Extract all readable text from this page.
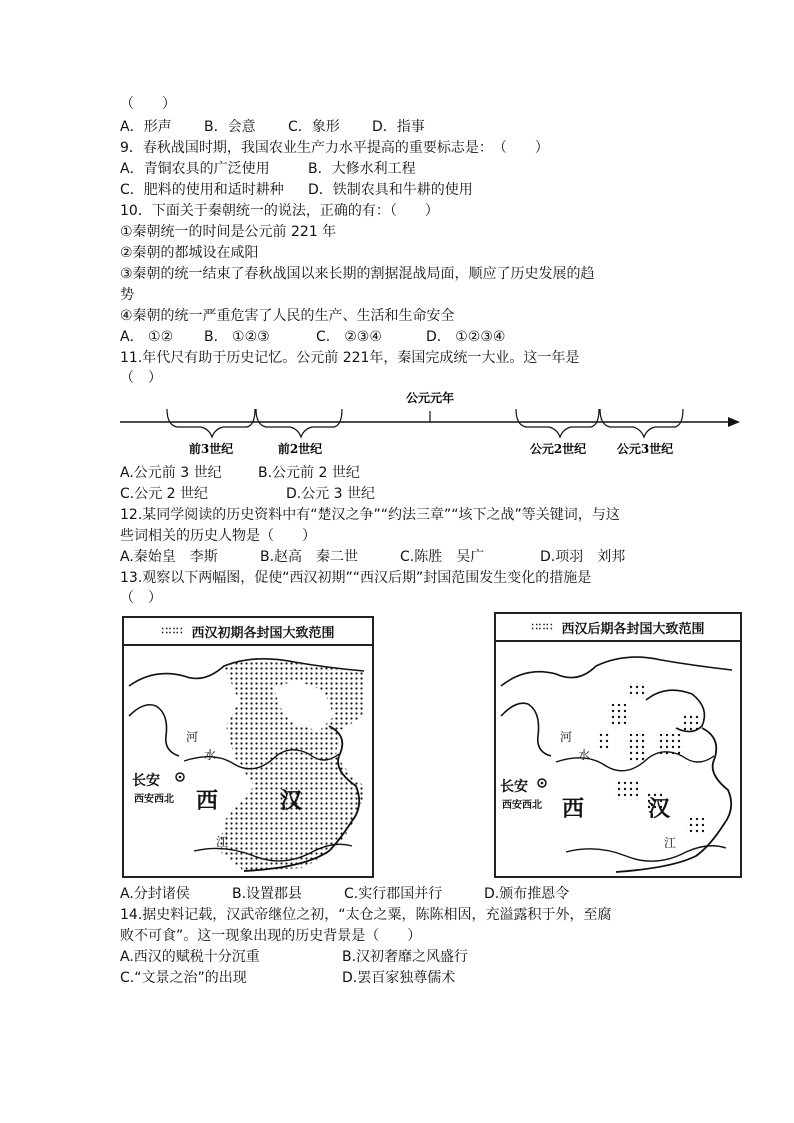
（　　）
A．形声 B．会意 C．象形 D．指事
9．春秋战国时期，我国农业生产力水平提高的重要标志是：　（　　）
A．青铜农具的广泛使用	B．大修水利工程
C．肥料的使用和适时耕种 D．铁制农具和牛耕的使用
10．下面关于秦朝统一的说法，正确的有：（　　）
①秦朝统一的时间是公元前 221 年
②秦朝的都城设在咸阳
③秦朝的统一结束了春秋战国以来长期的割据混战局面，顺应了历史发展的趋
势
④秦朝的统一严重危害了人民的生产、生活和生命安全
A． ①② B． ①②③	C． ②③④	D． ①②③④
11.年代尺有助于历史记忆。公元前 221年，秦国完成统一大业。这一年是
（　）
公元元年
前3世纪	前2世纪	公元2世纪	公元3世纪
A.公元前 3 世纪	B.公元前 2 世纪
C.公元 2 世纪	D.公元 3 世纪
12.某同学阅读的历史资料中有“楚汉之争”“约法三章”“垓下之战”等关键词，与这
些词相关的历史人物是（　　）
A.秦始皇　李斯	B.赵高　秦二世	C.陈胜　吴广	D.项羽　刘邦
13.观察以下两幅图，促使“西汉初期”“西汉后期”封国范围发生变化的措施是
（　）
∷∷∷ 西汉初期各封国大致范围
河
水
江
长安
西安西北 西	汉
∷∷∷ 西汉后期各封国大致范围
河
水
江
长安
西安西北 西	汉
A.分封诸侯	B.设置郡县	C.实行郡国并行	D.颁布推恩令
14.据史料记载，汉武帝继位之初，“太仓之粟，陈陈相因，充溢露积于外，至腐
败不可食”。这一现象出现的历史背景是（　　）
A.西汉的赋税十分沉重	B.汉初奢靡之风盛行
C.“文景之治”的出现	D.罢百家独尊儒术
